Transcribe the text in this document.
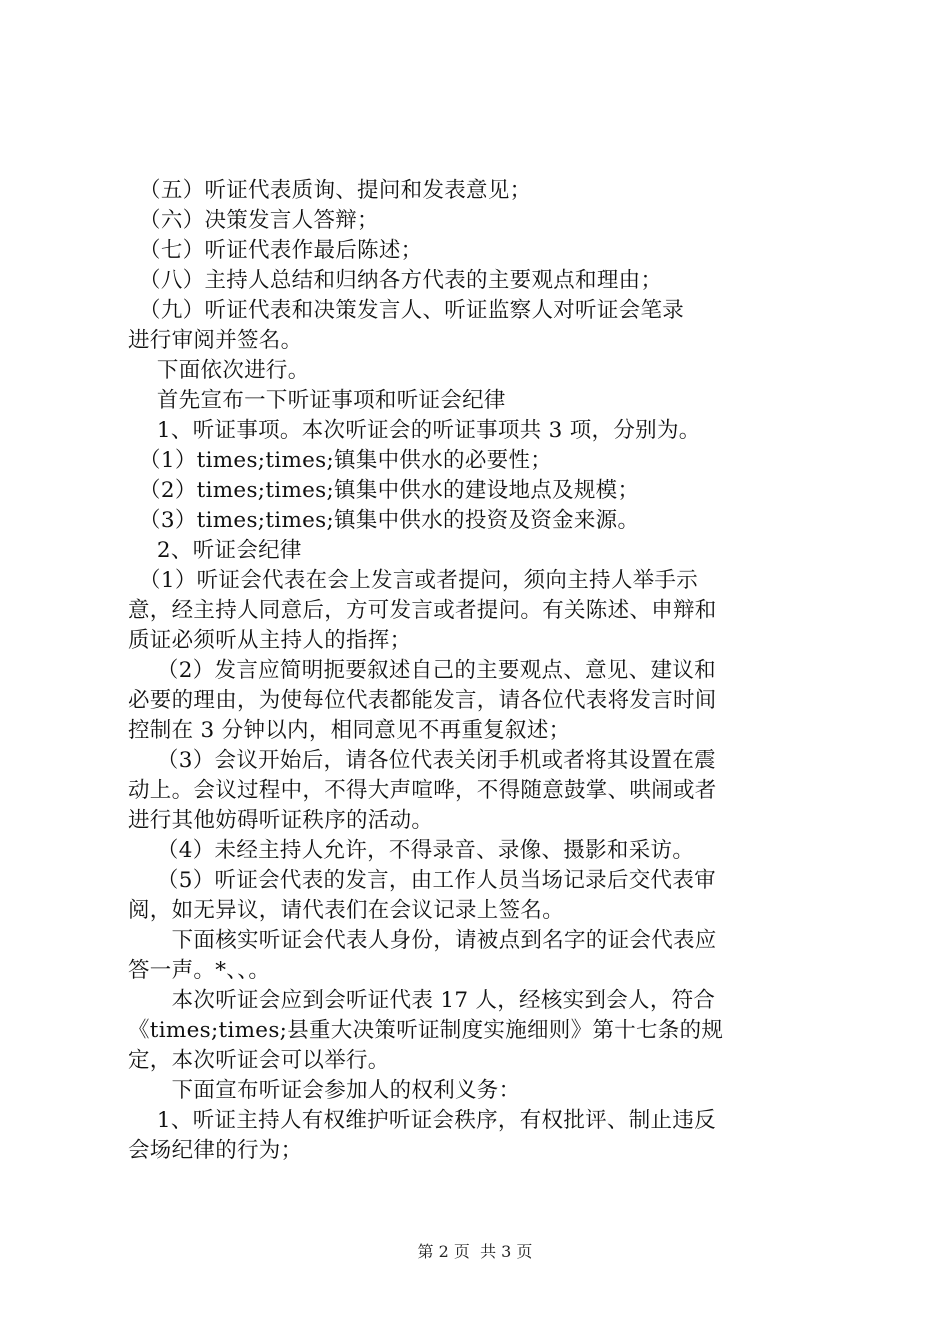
　（五）听证代表质询、提问和发表意见；
　（六）决策发言人答辩；
　（七）听证代表作最后陈述；
　（八）主持人总结和归纳各方代表的主要观点和理由；
　（九）听证代表和决策发言人、听证监察人对听证会笔录
进行审阅并签名。
　 下面依次进行。
　 首先宣布一下听证事项和听证会纪律
　 1、听证事项。本次听证会的听证事项共 3 项，分别为。
　（1）times;times;镇集中供水的必要性；
　（2）times;times;镇集中供水的建设地点及规模；
　（3）times;times;镇集中供水的投资及资金来源。
　 2、听证会纪律
　（1）听证会代表在会上发言或者提问，须向主持人举手示
意，经主持人同意后，方可发言或者提问。有关陈述、申辩和
质证必须听从主持人的指挥；
　 （2）发言应简明扼要叙述自己的主要观点、意见、建议和
必要的理由，为使每位代表都能发言，请各位代表将发言时间
控制在 3 分钟以内，相同意见不再重复叙述；
　 （3）会议开始后，请各位代表关闭手机或者将其设置在震
动上。会议过程中，不得大声喧哗，不得随意鼓掌、哄闹或者
进行其他妨碍听证秩序的活动。
　 （4）未经主持人允许，不得录音、录像、摄影和采访。
　 （5）听证会代表的发言，由工作人员当场记录后交代表审
阅，如无异议，请代表们在会议记录上签名。
　　下面核实听证会代表人身份，请被点到名字的证会代表应
答一声。*、、。
　　本次听证会应到会听证代表 17 人，经核实到会人，符合
《times;times;县重大决策听证制度实施细则》第十七条的规
定，本次听证会可以举行。
　　下面宣布听证会参加人的权利义务：
　 1、听证主持人有权维护听证会秩序，有权批评、制止违反
会场纪律的行为；
第 2 页  共 3 页
